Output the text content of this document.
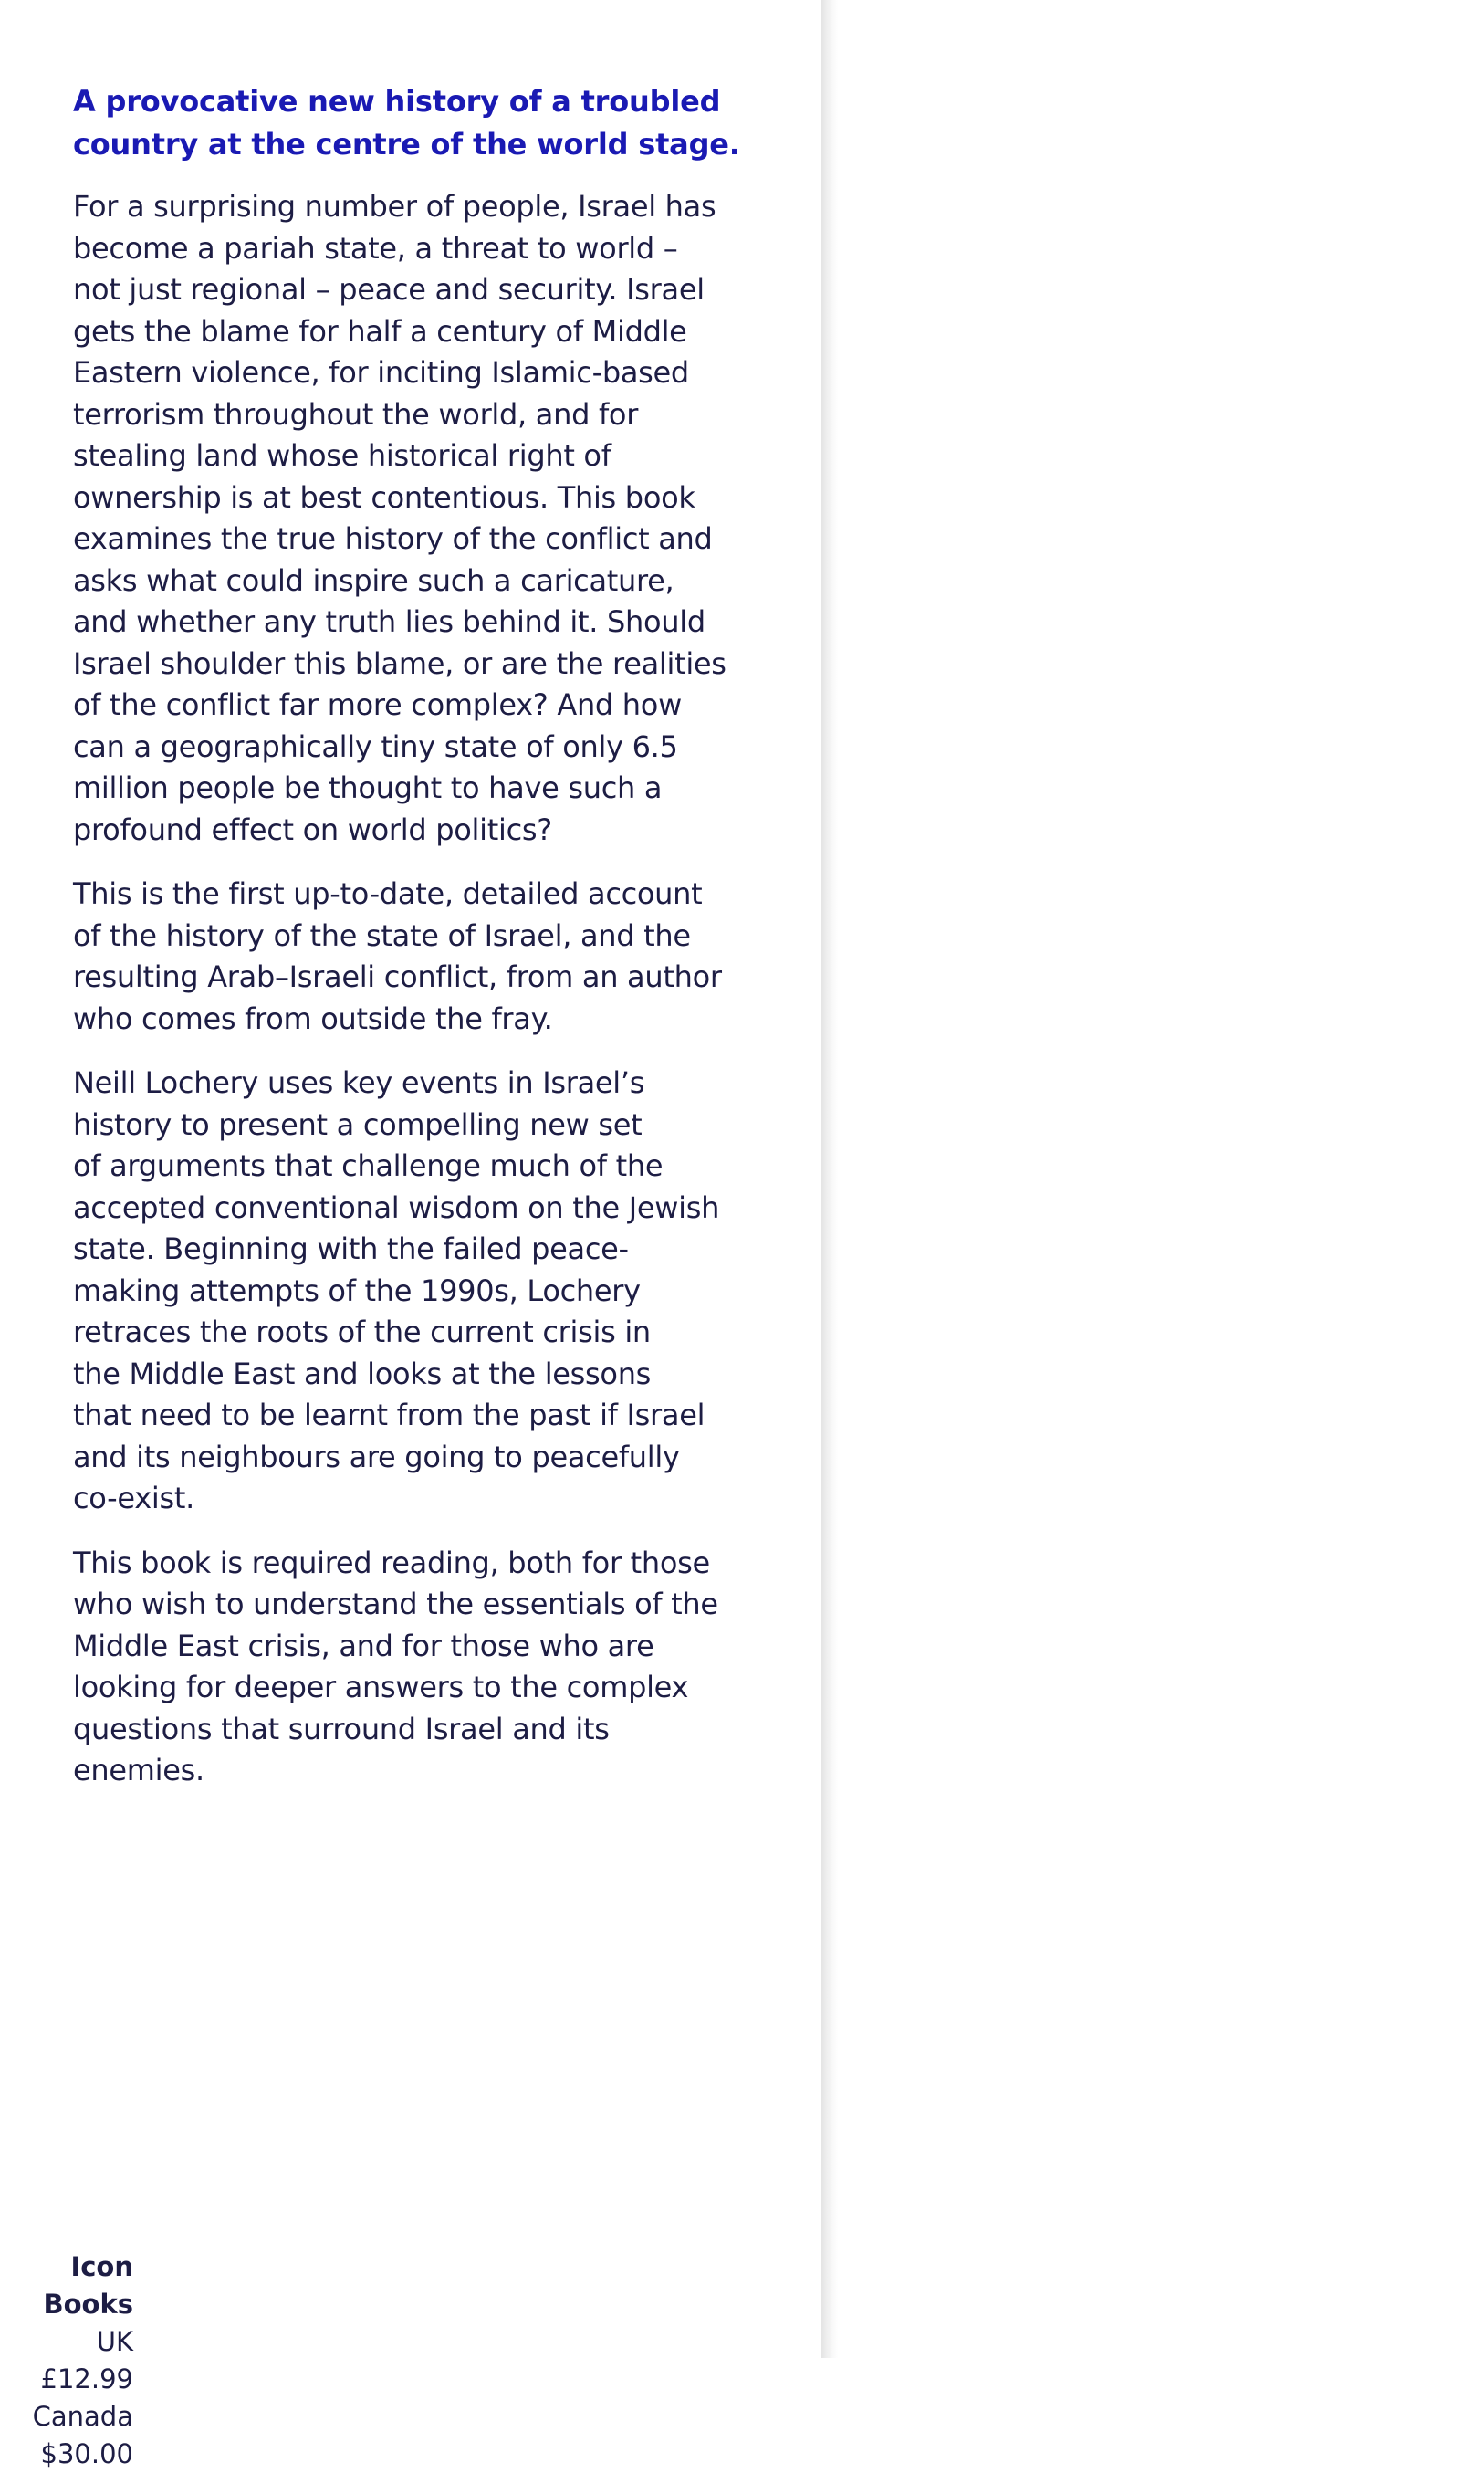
A provocative new history of a troubled
country at the centre of the world stage.

For a surprising number of people, Israel has
become a pariah state, a threat to world –
not just regional – peace and security. Israel
gets the blame for half a century of Middle
Eastern violence, for inciting Islamic-based
terrorism throughout the world, and for
stealing land whose historical right of
ownership is at best contentious. This book
examines the true history of the conflict and
asks what could inspire such a caricature,
and whether any truth lies behind it. Should
Israel shoulder this blame, or are the realities
of the conflict far more complex? And how
can a geographically tiny state of only 6.5
million people be thought to have such a
profound effect on world politics?

This is the first up-to-date, detailed account
of the history of the state of Israel, and the
resulting Arab–Israeli conflict, from an author
who comes from outside the fray.

Neill Lochery uses key events in Israel’s
history to present a compelling new set
of arguments that challenge much of the
accepted conventional wisdom on the Jewish
state. Beginning with the failed peace-
making attempts of the 1990s, Lochery
retraces the roots of the current crisis in
the Middle East and looks at the lessons
that need to be learnt from the past if Israel
and its neighbours are going to peacefully
co-exist.

This book is required reading, both for those
who wish to understand the essentials of the
Middle East crisis, and for those who are
looking for deeper answers to the complex
questions that surround Israel and its
enemies.

Icon Books UK £12.99
Canada $30.00
